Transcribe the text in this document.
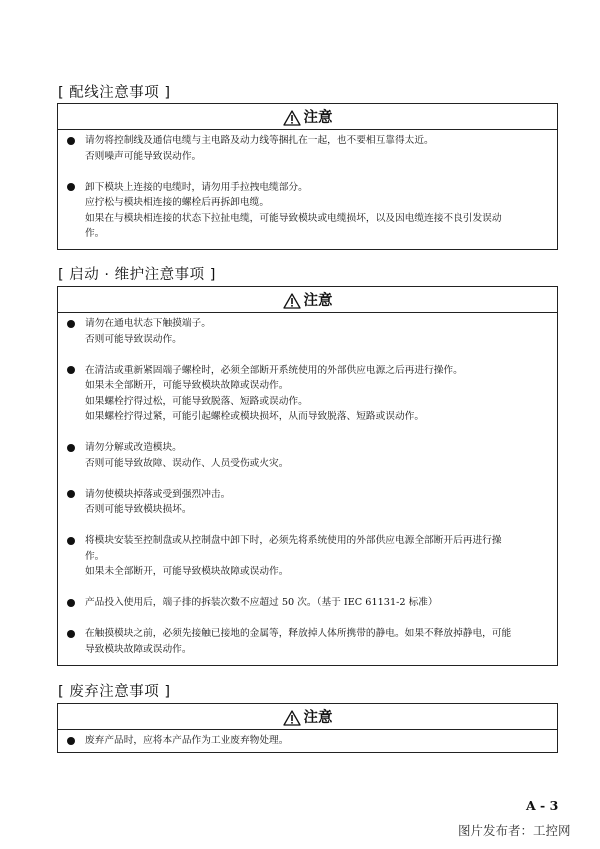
A - 3
图片发布者：工控网
[ 配线注意事项 ]
注意
请勿将控制线及通信电缆与主电路及动力线等捆扎在一起，也不要相互靠得太近。
否则噪声可能导致误动作。
卸下模块上连接的电缆时，请勿用手拉拽电缆部分。
应拧松与模块相连接的螺栓后再拆卸电缆。
如果在与模块相连接的状态下拉扯电缆，可能导致模块或电缆损坏，以及因电缆连接不良引发误动
作。
[ 启动 · 维护注意事项 ]
注意
请勿在通电状态下触摸端子。
否则可能导致误动作。
在清洁或重新紧固端子螺栓时，必须全部断开系统使用的外部供应电源之后再进行操作。
如果未全部断开，可能导致模块故障或误动作。
如果螺栓拧得过松，可能导致脱落、短路或误动作。
如果螺栓拧得过紧，可能引起螺栓或模块损坏，从而导致脱落、短路或误动作。
请勿分解或改造模块。
否则可能导致故障、误动作、人员受伤或火灾。
请勿使模块掉落或受到强烈冲击。
否则可能导致模块损坏。
将模块安装至控制盘或从控制盘中卸下时，必须先将系统使用的外部供应电源全部断开后再进行操
作。
如果未全部断开，可能导致模块故障或误动作。
产品投入使用后，端子排的拆装次数不应超过 50 次。（基于 IEC 61131-2 标准）
在触摸模块之前，必须先接触已接地的金属等，释放掉人体所携带的静电。如果不释放掉静电，可能
导致模块故障或误动作。
[ 废弃注意事项 ]
注意
废弃产品时，应将本产品作为工业废弃物处理。
